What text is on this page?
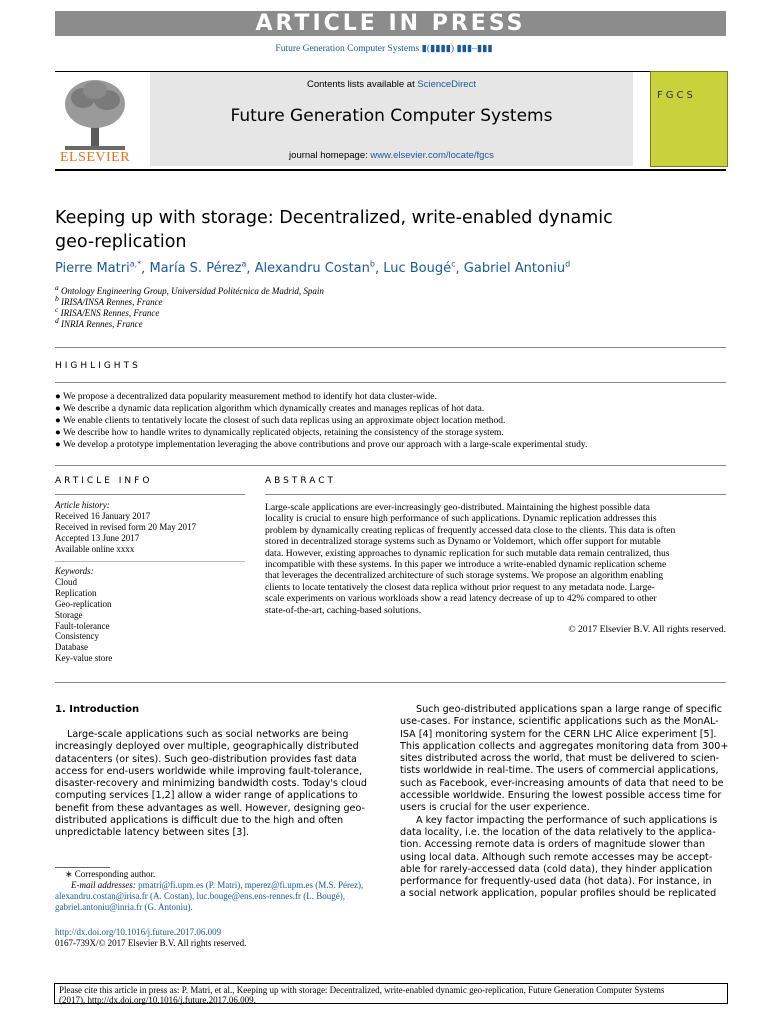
ARTICLE IN PRESS
Future Generation Computer Systems ▮(▮▮▮▮) ▮▮▮–▮▮▮
ELSEVIER
Contents lists available at ScienceDirect
Future Generation Computer Systems
journal homepage: www.elsevier.com/locate/fgcs
FGCS
Keeping up with storage: Decentralized, write-enabled dynamic
geo-replication
Pierre Matri$^{a,*}$, María S. Pérez$^a$, Alexandru Costan$^b$, Luc Bougé$^c$, Gabriel Antoniu$^d$
$^a$ Ontology Engineering Group, Universidad Politécnica de Madrid, Spain
$^b$ IRISA/INSA Rennes, France
$^c$ IRISA/ENS Rennes, France
$^d$ INRIA Rennes, France
HIGHLIGHTS
● We propose a decentralized data popularity measurement method to identify hot data cluster-wide.
● We describe a dynamic data replication algorithm which dynamically creates and manages replicas of hot data.
● We enable clients to tentatively locate the closest of such data replicas using an approximate object location method.
● We describe how to handle writes to dynamically replicated objects, retaining the consistency of the storage system.
● We develop a prototype implementation leveraging the above contributions and prove our approach with a large-scale experimental study.
ARTICLE INFO	ABSTRACT
Article history:
Received 16 January 2017
Received in revised form 20 May 2017
Accepted 13 June 2017
Available online xxxx
Keywords:
Cloud
Replication
Geo-replication
Storage
Fault-tolerance
Consistency
Database
Key-value store
Large-scale applications are ever-increasingly geo-distributed. Maintaining the highest possible data
locality is crucial to ensure high performance of such applications. Dynamic replication addresses this
problem by dynamically creating replicas of frequently accessed data close to the clients. This data is often
stored in decentralized storage systems such as Dynamo or Voldemort, which offer support for mutable
data. However, existing approaches to dynamic replication for such mutable data remain centralized, thus
incompatible with these systems. In this paper we introduce a write-enabled dynamic replication scheme
that leverages the decentralized architecture of such storage systems. We propose an algorithm enabling
clients to locate tentatively the closest data replica without prior request to any metadata node. Large-
scale experiments on various workloads show a read latency decrease of up to 42% compared to other
state-of-the-art, caching-based solutions.
© 2017 Elsevier B.V. All rights reserved.
1. Introduction
Large-scale applications such as social networks are being
increasingly deployed over multiple, geographically distributed
datacenters (or sites). Such geo-distribution provides fast data
access for end-users worldwide while improving fault-tolerance,
disaster-recovery and minimizing bandwidth costs. Today's cloud
computing services [1,2] allow a wider range of applications to
benefit from these advantages as well. However, designing geo-
distributed applications is difficult due to the high and often
unpredictable latency between sites [3].
Such geo-distributed applications span a large range of specific
use-cases. For instance, scientific applications such as the MonAL-
ISA [4] monitoring system for the CERN LHC Alice experiment [5].
This application collects and aggregates monitoring data from 300+
sites distributed across the world, that must be delivered to scien-
tists worldwide in real-time. The users of commercial applications,
such as Facebook, ever-increasing amounts of data that need to be
accessible worldwide. Ensuring the lowest possible access time for
users is crucial for the user experience.
A key factor impacting the performance of such applications is
data locality, i.e. the location of the data relatively to the applica-
tion. Accessing remote data is orders of magnitude slower than
using local data. Although such remote accesses may be accept-
able for rarely-accessed data (cold data), they hinder application
performance for frequently-used data (hot data). For instance, in
a social network application, popular profiles should be replicated
∗ Corresponding author.
E-mail addresses: pmatri@fi.upm.es (P. Matri), mperez@fi.upm.es (M.S. Pérez),
alexandru.costan@irisa.fr (A. Costan), luc.bouge@ens.ens-rennes.fr (L. Bougé),
gabriel.antoniu@inria.fr (G. Antoniu).
http://dx.doi.org/10.1016/j.future.2017.06.009
0167-739X/© 2017 Elsevier B.V. All rights reserved.
Please cite this article in press as: P. Matri, et al., Keeping up with storage: Decentralized, write-enabled dynamic geo-replication, Future Generation Computer Systems
(2017), http://dx.doi.org/10.1016/j.future.2017.06.009.
